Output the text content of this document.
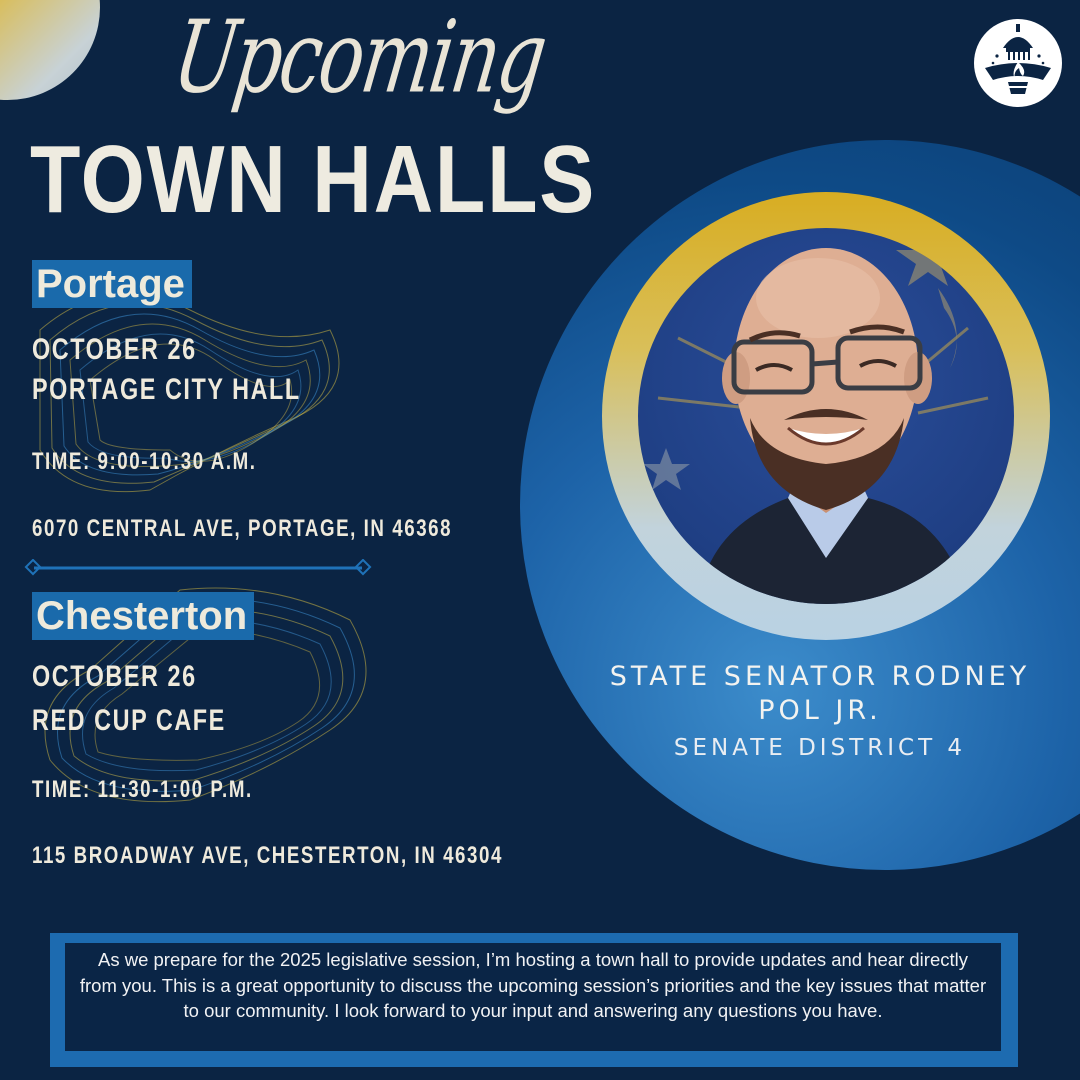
Upcoming
TOWN HALLS
STATE SENATOR RODNEY
POL JR.
SENATE DISTRICT 4
Portage
OCTOBER 26
PORTAGE CITY HALL
TIME: 9:00-10:30 A.M.
6070 CENTRAL AVE, PORTAGE, IN 46368
Chesterton
OCTOBER 26
RED CUP CAFE
TIME: 11:30-1:00 P.M.
115 BROADWAY AVE, CHESTERTON, IN 46304

As we prepare for the 2025 legislative session, I’m hosting a town hall to provide updates and hear directly from you. This is a great opportunity to discuss the upcoming session’s priorities and the key issues that matter to our community. I look forward to your input and answering any questions you have.
